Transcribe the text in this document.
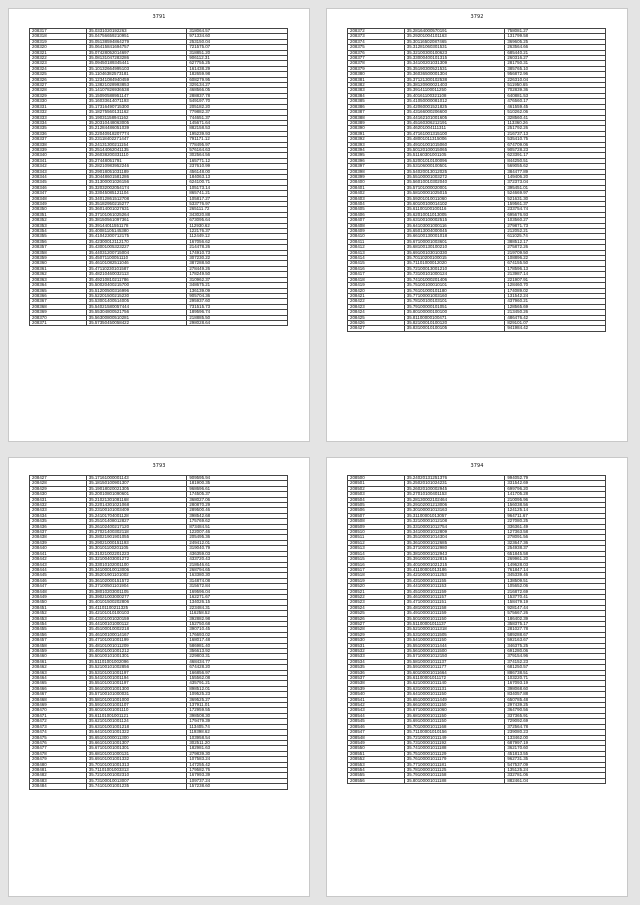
3791
208317	35.0331020192263	318064.57
208318	35.04756659210951	971334.60
208319	35.05138594864279	253150.04
208320	35.06415841694757	721575.07
208321	35.07428052014697	318851.20
208322	35.08131047283286	906112.31
208323	35.09450189345441	627755.25
208324	35.10132664995103	161438.29
208325	35.11046382573181	182659.98
208326	35.12341084940459	608279.95
208327	35.13821028993853	329134.27
208328	35.14107826936538	468566.05
208329	35.15090588951147	288837.78
208330	35.16033614071193	549197.70
208331	35.17316490715300	205182.20
208332	35.18275560131162	779882.37
208333	35.19031158941162	744651.37
208334	35.20310448063005	145671.64
208335	35.21284486051039	882158.53
208336	35.22040918207774	195239.93
208337	35.23118402271447	791171.12
208338	35.24131300211154	778495.97
208339	35.25144062041135	576164.63
208340	35.26038200331110	302564.56
208341	35.27448051791	165771.12
208342	35.28210983952246	237610.99
208343	35.29018051031189	456148.00
208344	35.30448601581286	184063.13
208345	35.31300001026156	624100.71
208346	35.32032002054174	105173.14
208347	35.33045085121104	865741.21
208348	35.34012861512708	105817.27
208349	35.35182950215277	533776.97
208350	35.36014001027631	265111.72
208351	35.37101061025264	343020.88
208352	35.38150561097361	673095.64
208353	35.39144011551178	112930.62
208354	35.40081105145380	122176.37
208355	35.41042300712175	112449.12
208356	35.42300012112170	167056.62
208357	35.43001005323227	214478.26
208358	35.44031200715004	174910.73
208359	35.45071100051110	307230.22
208360	35.46101082511046	387288.50
208361	35.47110230101587	278449.26
208362	35.48210460032113	178249.50
208363	35.49210810211786	310962.37
208364	35.50020400215700	348675.21
208365	35.51200500316996	136139.09
208366	35.52201500215230	905704.36
208367	35.53001400514005	295937.60
208368	35.54021580057444	731515.73
208369	35.55304800521756	189596.74
208370	35.56300800510281	218885.50
208371	35.57350450058422	298028.64
3792
208372	35.28164000570191	758081.27
208373	35.29201004101163	131799.58
208374	35.30116502087465	369605.25
208375	35.31281060301531	263564.66
208376	35.32100300100623	685440.21
208377	35.33000400101315	260316.27
208378	35.34100201031309	281750.31
208379	35.35190300521531	385765.10
208380	35.36036500001304	956872.96
208381	35.37121300102538	226310.04
208382	35.38120900021403	511950.65
208383	35.39141100011250	702839.36
208384	35.40161100321108	640881.53
208385	35.41050000081012	476560.17
208386	35.42060001521825	461559.45
208387	35.43166000206600	510262.06
208388	35.44162101001605	328560.41
208389	35.45160306212191	113360.26
208390	35.46201004111311	251792.26
208391	35.47161001315100	216737.13
208392	35.48001011315006	535410.75
208393	35.49101001015060	674709.06
208394	35.50120100015065	905728.23
208395	35.51160301001105	623391.17
208396	35.52001010100096	844250.51
208397	35.53106000100501	569055.62
208398	35.54020013012025	384477.89
208399	35.55100001003272	149406.20
208400	35.56010010302040	372373.04
208401	35.57101000020001	395451.01
208402	35.58100001025015	524669.97
208403	35.59201010011060	521631.30
208404	35.60100100014102	159561.37
208405	35.61100100100116	233754.74
208406	35.62010011013005	695676.93
208407	35.63100100002515	103560.27
208408	35.64103001000116	279871.73
208409	35.65013004000045	212052.21
208410	35.66100130001018	611025.74
208411	35.67100001003601	388512.17
208412	35.68100130100210	275872.26
208413	35.69100103010330	219709.50
208414	35.70110200100015	108896.22
208415	35.71101000012020	674155.50
208416	35.72100013001210	178596.13
208417	35.73100101000124	213987.14
208418	35.74101000201406	221907.91
208419	35.75100100010101	128460.70
208420	35.76101000101180	174089.02
208421	35.77100001003160	131542.24
208422	35.78100100103101	437960.21
208423	35.79100000101051	128565.69
208424	35.80100000100100	213450.26
208425	35.81100000100471	486476.42
208426	35.82100010100120	829101.07
208427	35.83100010100105	941984.42
3793
208427	35.17161000001143	909595.94
208428	35.18150100901307	181900.35
208429	35.19018020021305	968696.61
208430	35.20010801090601	174505.37
208431	35.21021301081168	368027.06
208432	35.22014301021068	280870.29
208433	35.23100101003409	289500.46
208434	35.24101704001128	398542.68
208435	35.25101408012827	175769.62
208436	35.26102400217120	873484.51
208437	35.27021400302118	122007.46
208438	35.28021901901055	205495.36
208439	35.29021000151193	249412.01
208440	35.30101100201105	319040.79
208441	35.31021002201223	436359.03
208442	35.32100403001272	433720.43
208443	35.33010102001100	218646.61
208444	35.34100010013006	268794.65
208445	35.35201901101002	163380.30
208446	35.36102000151572	314874.08
208447	35.37100501101904	315672.84
208448	35.38010203001105	169596.04
208449	35.39021003000277	162271.67
208450	35.40101500202806	134026.15
208451	35.41101100211325	223484.31
208452	35.42101010100103	116258.52
208453	35.43101001020159	392882.98
208454	35.44100101000112	152750.68
208455	35.45100010002218	390710.45
208456	35.46100100014167	176693.02
208457	35.47101001001199	168017.48
208458	35.48101001011209	586981.40
208459	35.49101001001212	356613.92
208460	35.50100101001301	229803.31
208461	35.51101001002096	468434.77
208462	35.52100101002856	674428.20
208463	35.53101001001197	166856.97
208464	35.54101001001194	155562.08
208465	35.55101001001197	435791.21
208466	35.56102001001300	898512.01
208467	35.57100101000031	109525.23
208468	35.58101001001000	369525.27
208469	35.59101001001107	137911.01
208470	35.60101001001110	172959.55
208471	35.61101001001121	398508.30
208472	35.62101001001124	179479.39
208473	35.63101001001218	113405.74
208474	35.64101001001322	119398.62
208475	35.65101000011300	103958.54
208476	35.66101001001307	302511.20
208477	35.67101001001301	182981.63
208478	35.68101001000131	279839.30
208479	35.69101001001332	107583.24
208480	35.70101001001313	147255.42
208481	35.71101001003313	179582.76
208482	35.72101001002310	167993.39
208483	35.73100010013007	109737.24
208484	35.74101001001235	157238.60
3794
208500	35.24020131251376	994052.79
208501	35.25020101024231	331542.69
208502	35.26020100002945	699796.20
208503	35.27010100401153	141705.28
208504	35.28130002102464	210095.96
208505	35.29102001213006	156038.56
208506	35.30100001013163	124125.14
208507	35.31100001013057	964711.67
208508	35.32100001012108	227080.25
208509	35.33100001012754	336361.49
208510	35.34100001012809	127363.58
208511	35.35100001014304	278091.56
208512	35.36100001012685	323647.36
208513	35.37100001012980	254938.37
208514	35.38100001012943	651845.58
208515	35.39100001012815	269961.20
208516	35.40100001021215	149628.03
208517	35.41100001013186	761847.14
208518	35.42100001011253	345339.46
208519	35.43100001011155	138509.51
208520	35.44100001011153	105652.06
208521	35.45100001011159	216872.69
208522	35.46100001011157	153770.41
208523	35.47100001011151	158479.19
208524	35.48100001011158	928147.44
208525	35.49100001011159	575667.26
208526	35.50100001011150	186402.39
208527	35.51100001011137	358375.17
208528	35.52100001011318	281027.78
208529	35.53100001011505	589288.67
208530	35.54100001011150	592163.67
208531	35.55100001011444	346375.25
208532	35.56100001011500	691280.06
208533	35.57100001012150	379154.96
208534	35.58100001011137	374152.23
208535	35.59100001011177	681250.57
208536	35.60100001011664	886738.51
208537	35.61100001011172	103220.71
208538	35.62100001011140	167093.19
208539	35.63100001011131	398068.60
208540	35.64100001011150	834057.88
208541	35.65100001011449	650785.48
208542	35.66100001011150	297439.25
208543	35.67100001011060	364790.56
208544	35.68100001011150	337365.91
208545	35.69100001011150	729092.69
208546	35.70100001011168	372564.78
208547	35.71100001010156	239080.23
208548	35.72100001011149	133462.00
208549	35.73100001011192	687997.19
208550	35.74100001011188	362170.60
208551	35.75100001011129	451813.55
208552	35.76100001011179	962731.35
208553	35.77100001011181	547537.09
208554	35.78100001011125	135125.24
208555	35.79100001011158	332781.06
208556	35.80100001011188	882461.04
